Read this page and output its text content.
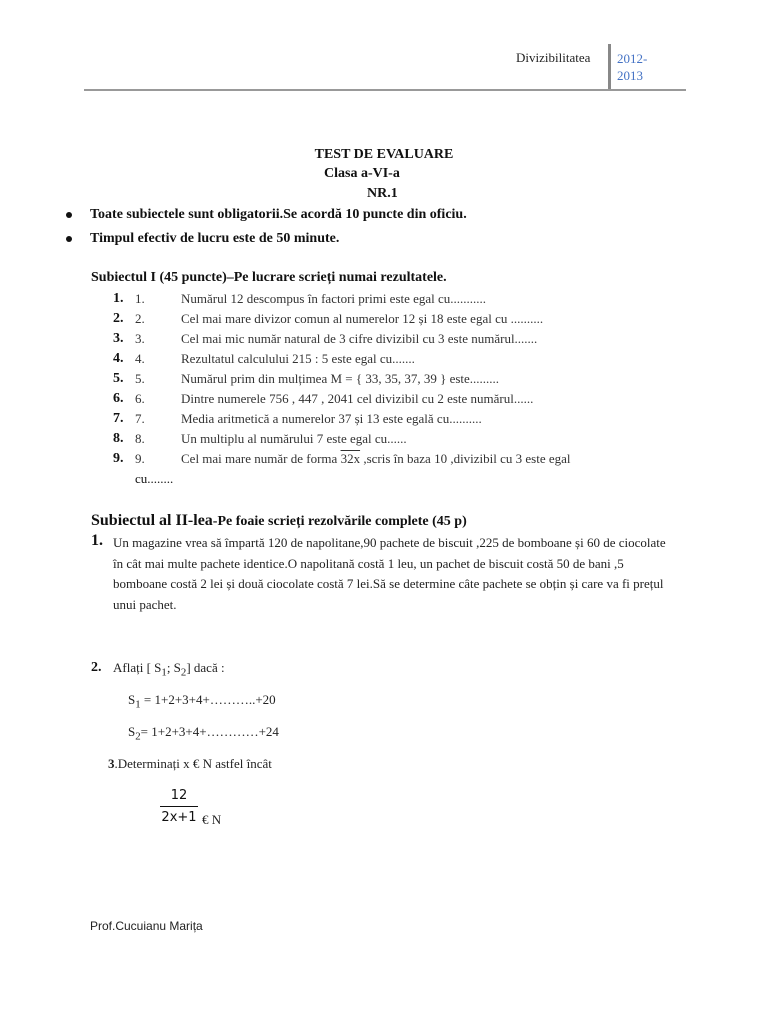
Divizibilitatea 2012-2013
TEST DE EVALUARE
Clasa a-VI-a
NR.1
Toate subiectele sunt obligatorii.Se acordă 10 puncte din oficiu.
Timpul efectiv de lucru este de 50 minute.
Subiectul I (45 puncte)–Pe lucrare scrieți numai rezultatele.
1. 1.	Numărul 12 descompus în factori primi este egal cu...........
2. 2.	Cel mai mare divizor comun al numerelor 12 și 18 este egal cu ..........
3. 3.	Cel mai mic număr natural de 3 cifre divizibil cu 3 este numărul.......
4. 4.	Rezultatul calculului 215 : 5 este egal cu.......
5. 5.	Numărul prim din mulțimea M = { 33, 35, 37, 39 } este.........
6. 6.	Dintre numerele 756 , 447 , 2041 cel divizibil cu 2 este numărul......
7. 7.	Media aritmetică a numerelor 37 și 13 este egală cu..........
8. 8.	Un multiplu al numărului 7 este egal cu......
9. 9.	Cel mai mare număr de forma 32x ,scris în baza 10 ,divizibil cu 3 este egal
cu........
Subiectul al II-lea-Pe foaie scrieți rezolvările complete (45 p)
1. Un magazine vrea să împartă 120 de napolitane,90 pachete de biscuit ,225 de bomboane și 60 de ciocolate în cât mai multe pachete identice.O napolitană costă 1 leu, un pachet de biscuit costă 50 de bani ,5 bomboane costă 2 lei și două ciocolate costă 7 lei.Să se determine câte pachete se obțin și care va fi prețul unui pachet.
2. Aflați [ $S_1$; $S_2$] dacă :
$S_1$ = 1+2+3+4+………..+20
$S_2=$ 1+2+3+4+…………+24
3.Determinați x € N astfel încât
12
2x+1 € N
Prof.Cucuianu Marița
